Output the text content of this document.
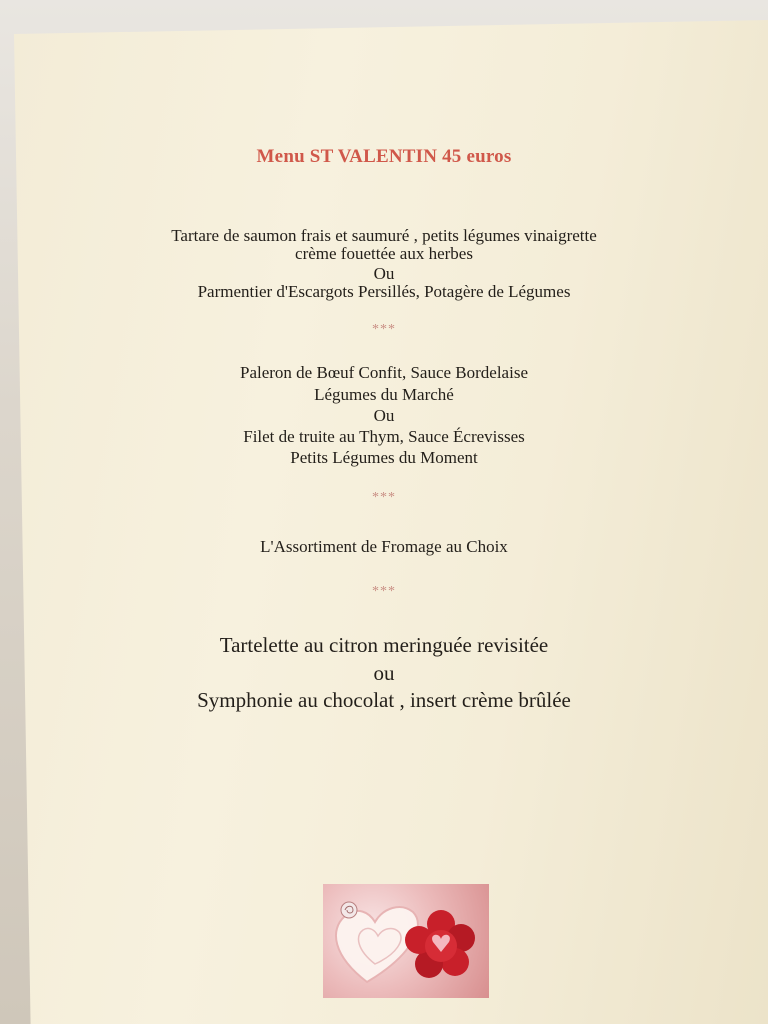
Menu ST VALENTIN 45 euros
Tartare de saumon frais et saumuré , petits légumes vinaigrette
crème fouettée aux herbes
Ou
Parmentier d'Escargots Persillés, Potagère de Légumes
***
Paleron de Bœuf Confit, Sauce Bordelaise
Légumes du Marché
Ou
Filet de truite au Thym, Sauce Écrevisses
Petits Légumes du Moment
***
L'Assortiment de Fromage au Choix
***
Tartelette au citron meringuée revisitée
ou
Symphonie au chocolat , insert crème brûlée
